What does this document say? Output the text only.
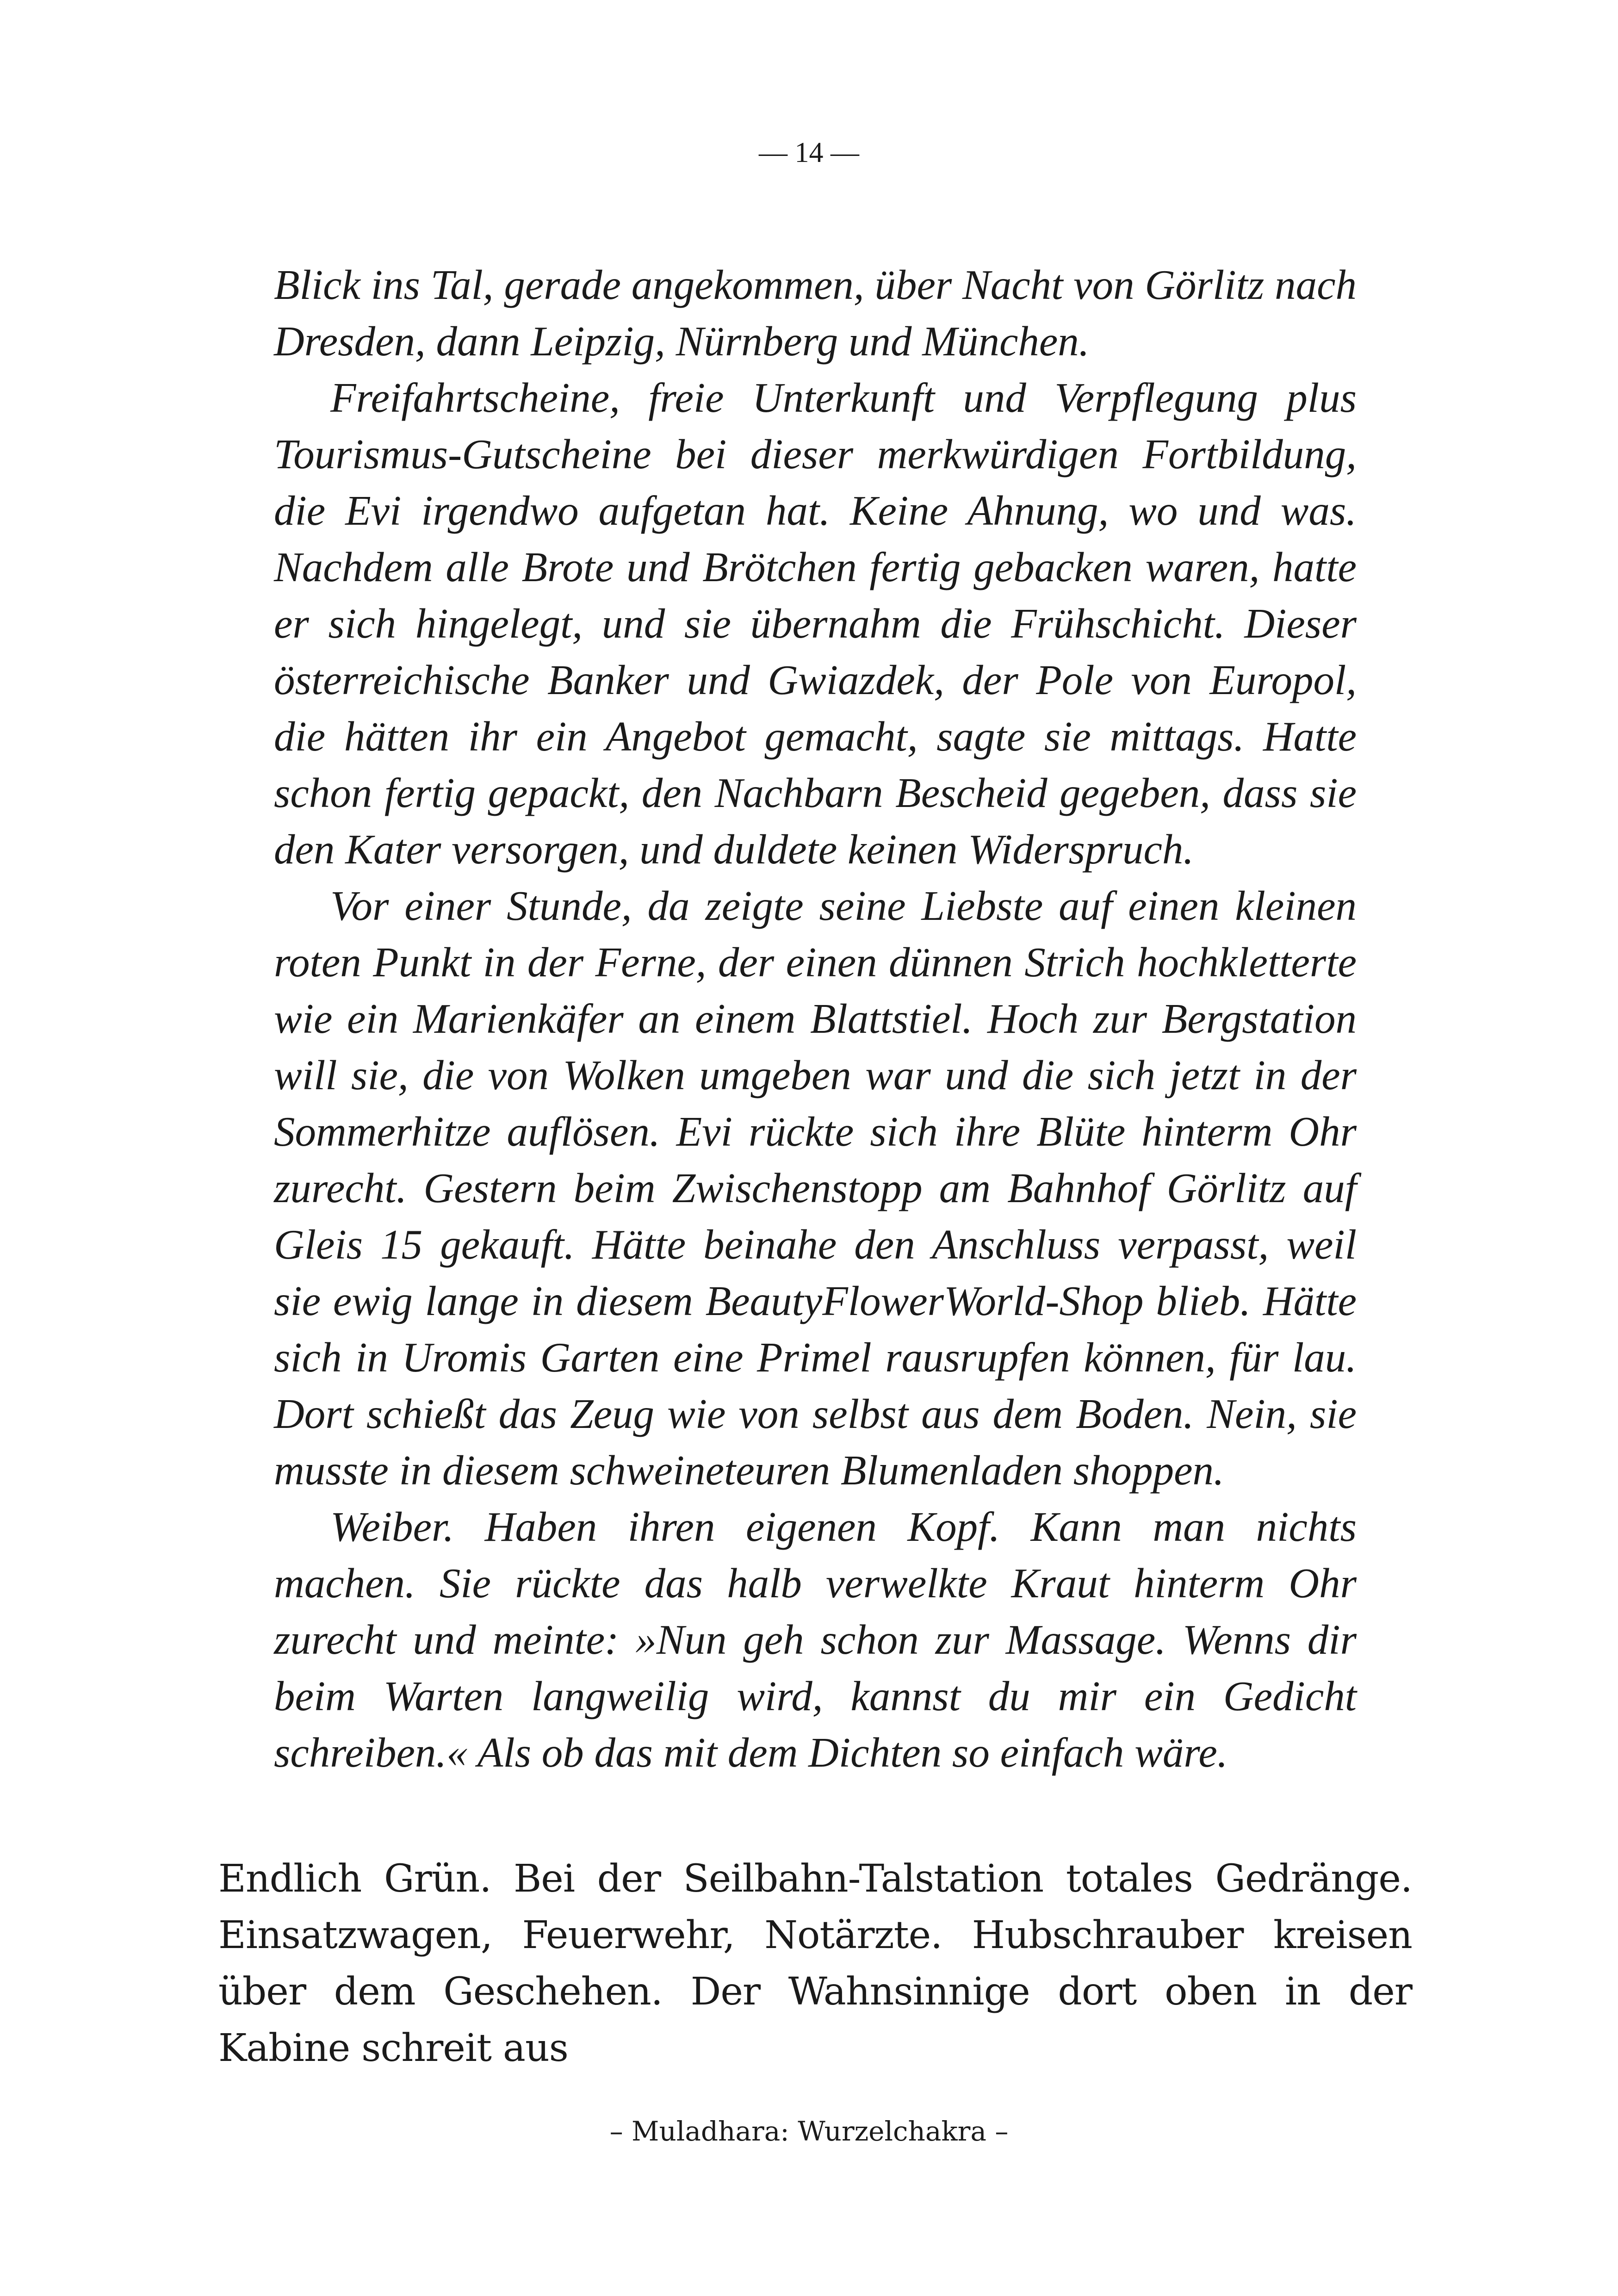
— 14 —

Blick ins Tal, gerade angekommen, über Nacht von Görlitz nach Dresden, dann Leipzig, Nürnberg und München.

Freifahrtscheine, freie Unterkunft und Verpflegung plus Tourismus-Gutscheine bei dieser merkwürdigen Fortbildung, die Evi irgendwo aufgetan hat. Keine Ahnung, wo und was. Nachdem alle Brote und Brötchen fertig gebacken waren, hatte er sich hingelegt, und sie übernahm die Frühschicht. Dieser österreichische Banker und Gwiazdek, der Pole von Europol, die hätten ihr ein Angebot gemacht, sagte sie mittags. Hatte schon fertig gepackt, den Nachbarn Bescheid gegeben, dass sie den Kater versorgen, und duldete keinen Widerspruch.

Vor einer Stunde, da zeigte seine Liebste auf einen kleinen roten Punkt in der Ferne, der einen dünnen Strich hochkletterte wie ein Marienkäfer an einem Blattstiel. Hoch zur Bergstation will sie, die von Wolken umgeben war und die sich jetzt in der Sommerhitze auflösen. Evi rückte sich ihre Blüte hinterm Ohr zurecht. Gestern beim Zwischenstopp am Bahnhof Görlitz auf Gleis 15 gekauft. Hätte beinahe den Anschluss verpasst, weil sie ewig lange in diesem BeautyFlowerWorld-Shop blieb. Hätte sich in Uromis Garten eine Primel rausrupfen können, für lau. Dort schießt das Zeug wie von selbst aus dem Boden. Nein, sie musste in diesem schweineteuren Blumenladen shoppen.

Weiber. Haben ihren eigenen Kopf. Kann man nichts machen. Sie rückte das halb verwelkte Kraut hinterm Ohr zurecht und meinte: »Nun geh schon zur Massage. Wenns dir beim Warten langweilig wird, kannst du mir ein Gedicht schreiben.« Als ob das mit dem Dichten so einfach wäre.

Endlich Grün. Bei der Seilbahn-Talstation totales Gedränge. Einsatzwagen, Feuerwehr, Notärzte. Hubschrauber kreisen über dem Geschehen. Der Wahnsinnige dort oben in der Kabine schreit aus

– Muladhara: Wurzelchakra –
